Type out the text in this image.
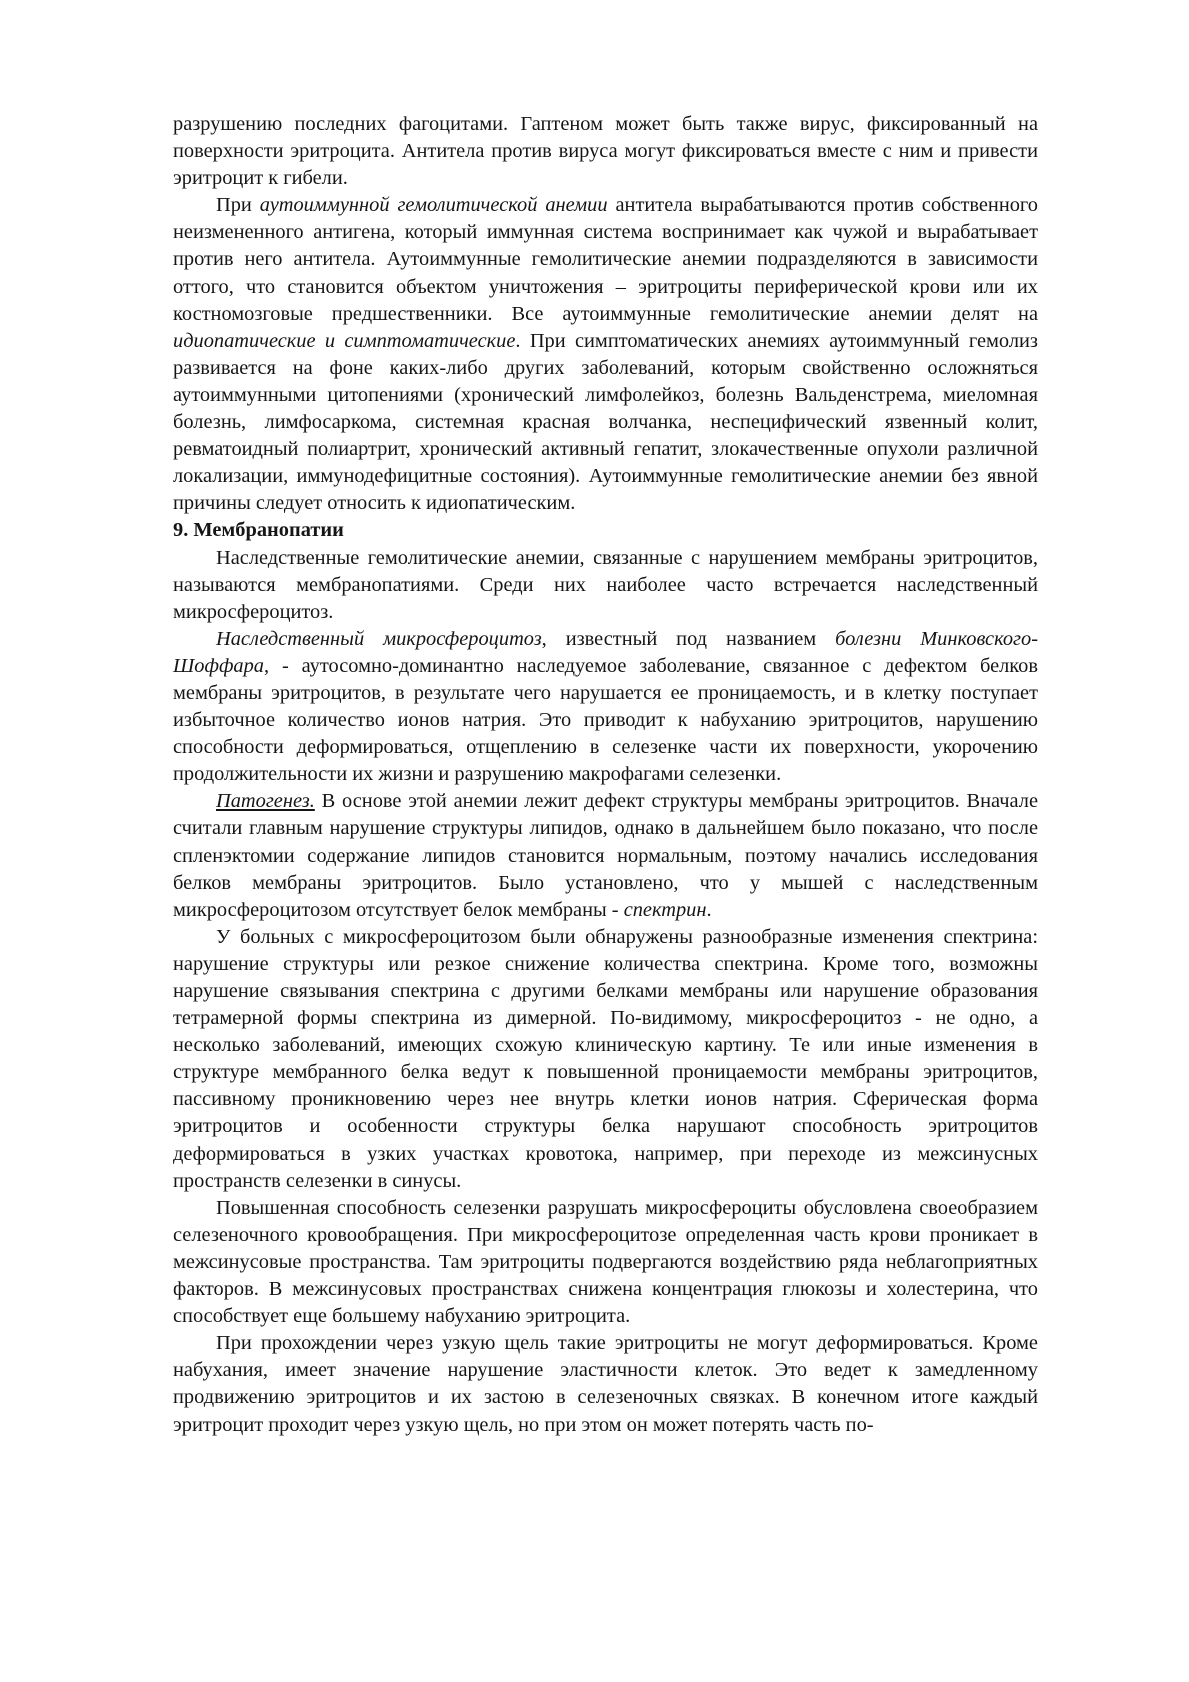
разрушению последних фагоцитами. Гаптеном может быть также вирус, фиксированный на поверхности эритроцита. Антитела против вируса могут фиксироваться вместе с ним и привести эритроцит к гибели.

При аутоиммунной гемолитической анемии антитела вырабатываются против собственного неизмененного антигена, который иммунная система воспринимает как чужой и вырабатывает против него антитела. Аутоиммунные гемолитические анемии подразделяются в зависимости оттого, что становится объектом уничтожения – эритроциты периферической крови или их костномозговые предшественники. Все аутоиммунные гемолитические анемии делят на идиопатические и симптоматические. При симптоматических анемиях аутоиммунный гемолиз развивается на фоне каких-либо других заболеваний, которым свойственно осложняться аутоиммунными цитопениями (хронический лимфолейкоз, болезнь Вальденстрема, миеломная болезнь, лимфосаркома, системная красная волчанка, неспецифический язвенный колит, ревматоидный полиартрит, хронический активный гепатит, злокачественные опухоли различной локализации, иммунодефицитные состояния). Аутоиммунные гемолитические анемии без явной причины следует относить к идиопатическим.

9. Мембранопатии

Наследственные гемолитические анемии, связанные с нарушением мембраны эритроцитов, называются мембранопатиями. Среди них наиболее часто встречается наследственный микросфероцитоз.

Наследственный микросфероцитоз, известный под названием болезни Минковского-Шоффара, - аутосомно-доминантно наследуемое заболевание, связанное с дефектом белков мембраны эритроцитов, в результате чего нарушается ее проницаемость, и в клетку поступает избыточное количество ионов натрия. Это приводит к набуханию эритроцитов, нарушению способности деформироваться, отщеплению в селезенке части их поверхности, укорочению продолжительности их жизни и разрушению макрофагами селезенки.

Патогенез. В основе этой анемии лежит дефект структуры мембраны эритроцитов. Вначале считали главным нарушение структуры липидов, однако в дальнейшем было показано, что после спленэктомии содержание липидов становится нормальным, поэтому начались исследования белков мембраны эритроцитов. Было установлено, что у мышей с наследственным микросфероцитозом отсутствует белок мембраны - спектрин.

У больных с микросфероцитозом были обнаружены разнообразные изменения спектрина: нарушение структуры или резкое снижение количества спектрина. Кроме того, возможны нарушение связывания спектрина с другими белками мембраны или нарушение образования тетрамерной формы спектрина из димерной. По-видимому, микросфероцитоз - не одно, а несколько заболеваний, имеющих схожую клиническую картину. Те или иные изменения в структуре мембранного белка ведут к повышенной проницаемости мембраны эритроцитов, пассивному проникновению через нее внутрь клетки ионов натрия. Сферическая форма эритроцитов и особенности структуры белка нарушают способность эритроцитов деформироваться в узких участках кровотока, например, при переходе из межсинусных пространств селезенки в синусы.

Повышенная способность селезенки разрушать микросфероциты обусловлена своеобразием селезеночного кровообращения. При микросфероцитозе определенная часть крови проникает в межсинусовые пространства. Там эритроциты подвергаются воздействию ряда неблагоприятных факторов. В межсинусовых пространствах снижена концентрация глюкозы и холестерина, что способствует еще большему набуханию эритроцита.

При прохождении через узкую щель такие эритроциты не могут деформироваться. Кроме набухания, имеет значение нарушение эластичности клеток. Это ведет к замедленному продвижению эритроцитов и их застою в селезеночных связках. В конечном итоге каждый эритроцит проходит через узкую щель, но при этом он может потерять часть по-
